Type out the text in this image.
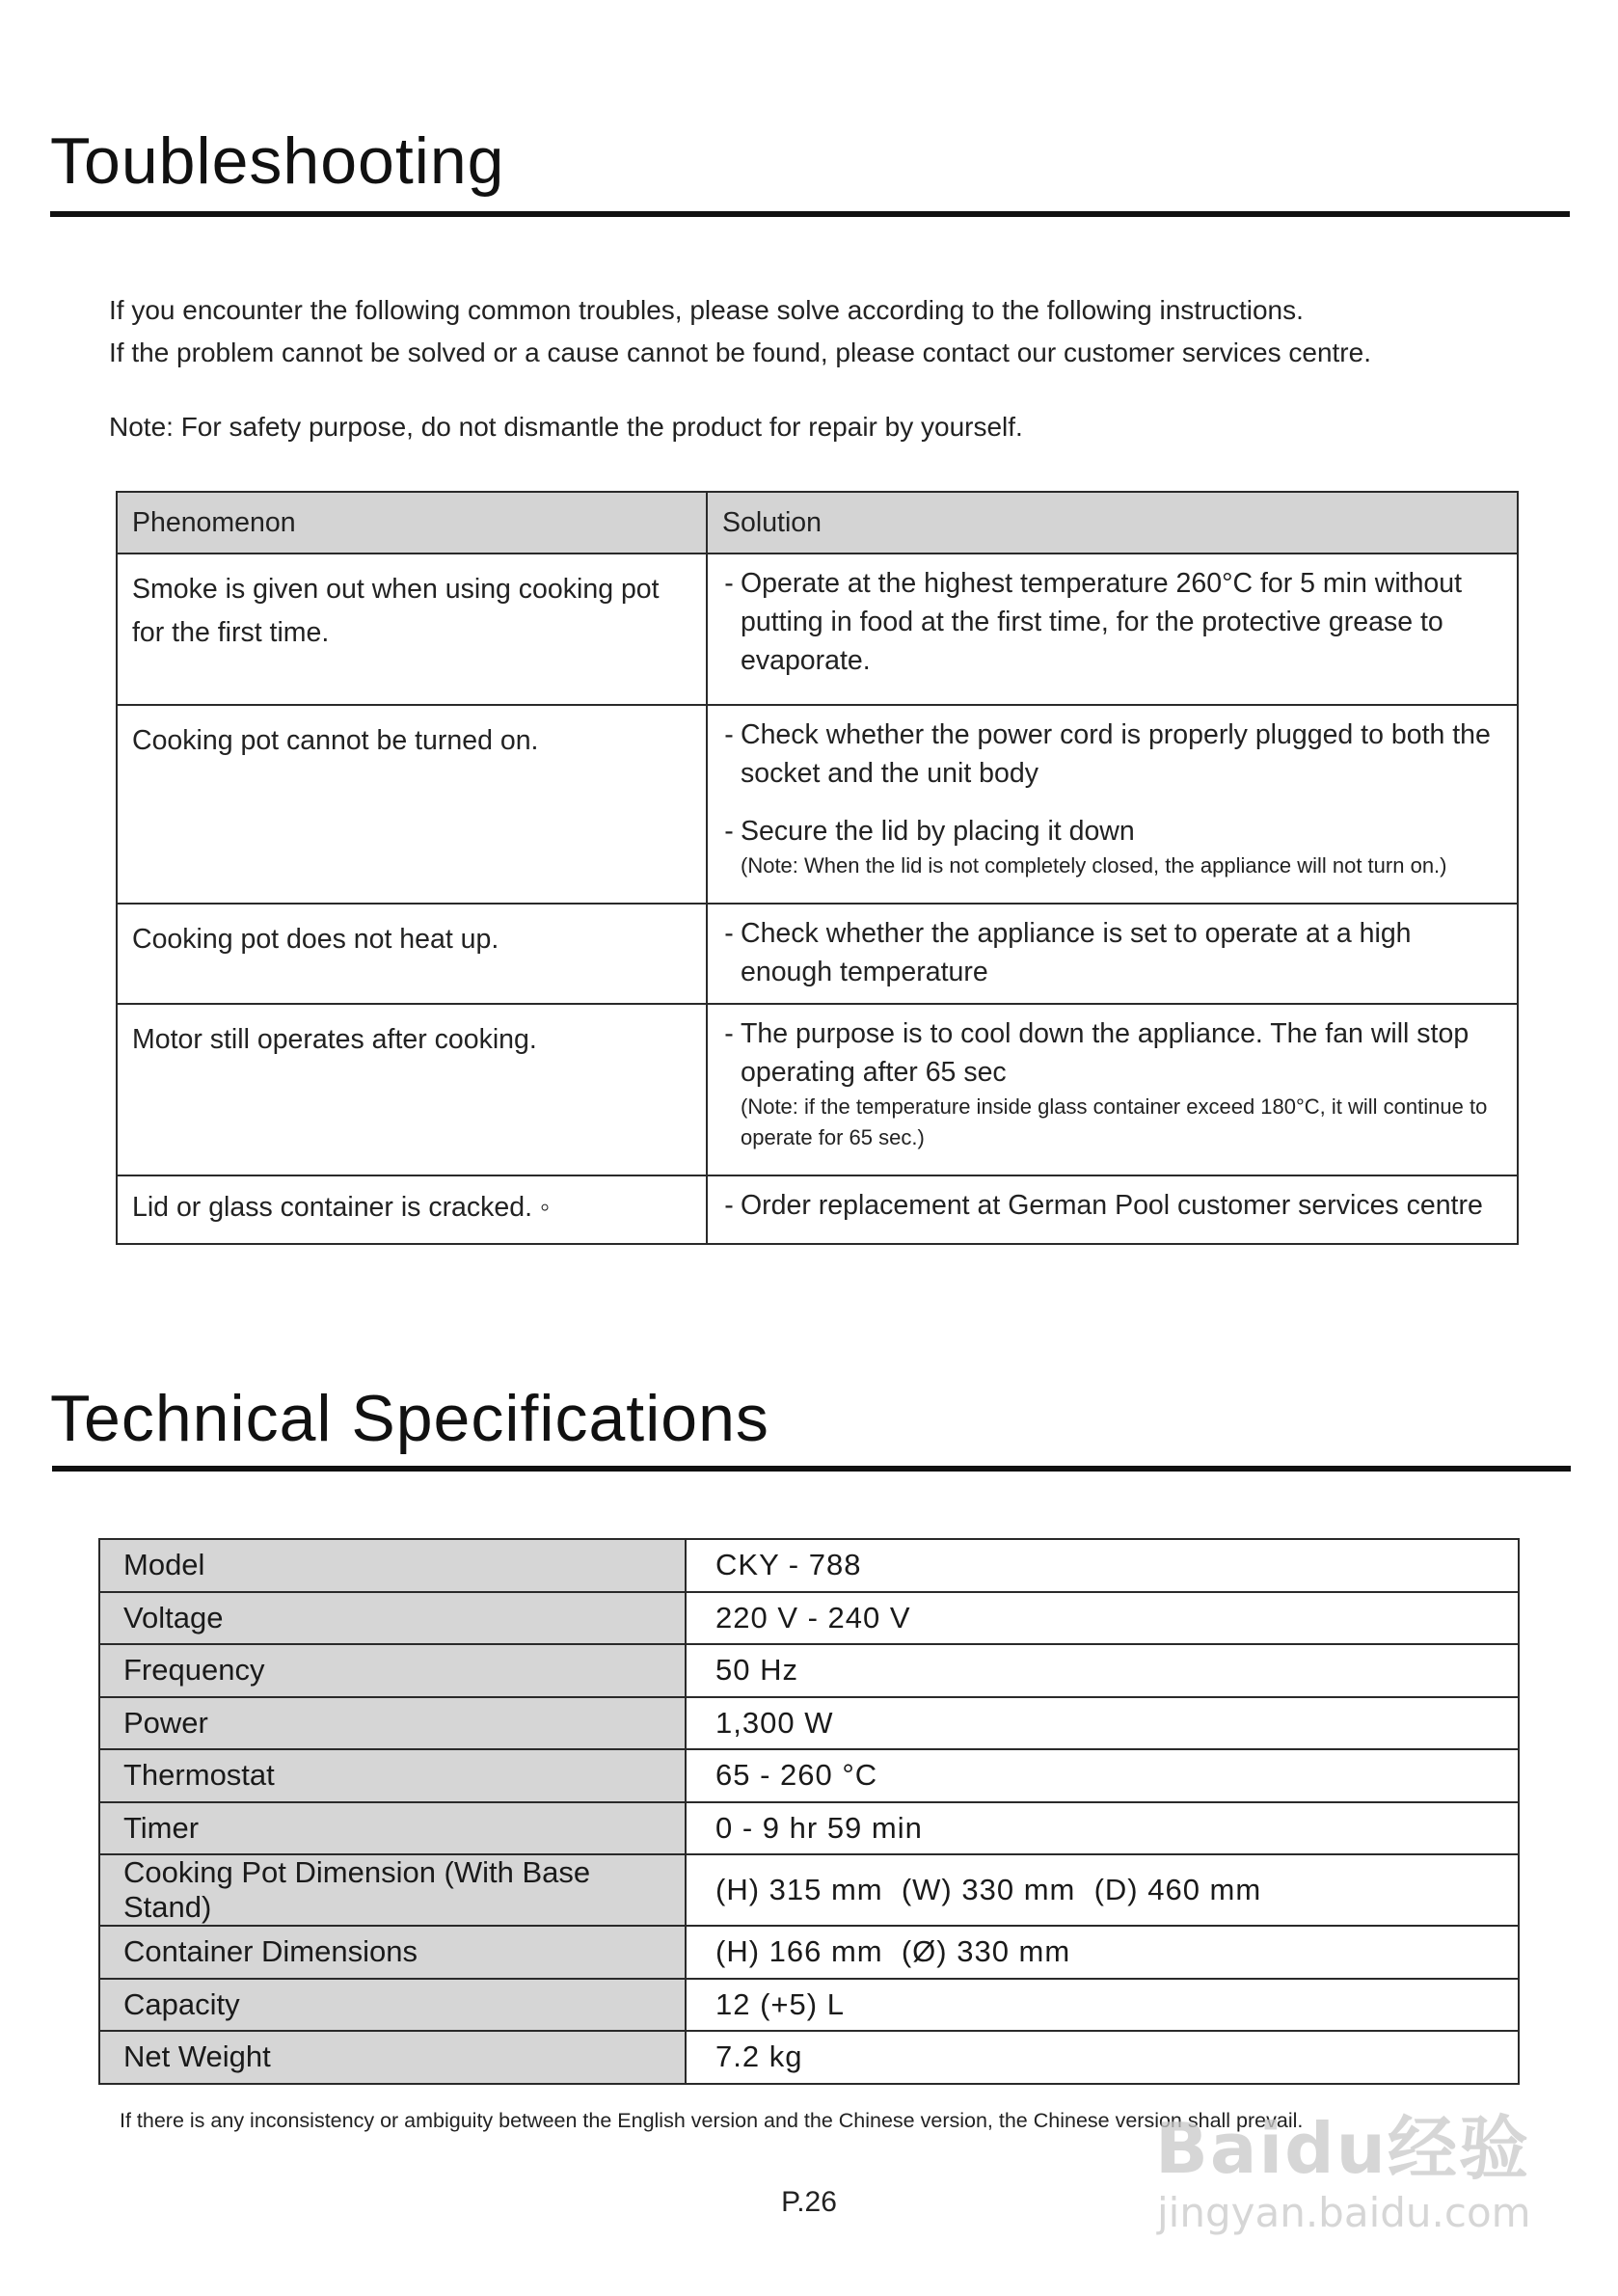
Toubleshooting
If you encounter the following common troubles, please solve according to the following instructions.
If the problem cannot be solved or a cause cannot be found, please contact our customer services centre.
Note: For safety purpose, do not dismantle the product for repair by yourself.
Phenomenon	Solution
Smoke is given out when using cooking pot for the first time.	- Operate at the highest temperature 260°C for 5 min without putting in food at the first time, for the protective grease to evaporate.

Cooking pot cannot be turned on.	- Check whether the power cord is properly plugged to both the socket and the unit body
- Secure the lid by placing it down
(Note: When the lid is not completely closed, the appliance will not turn on.)

Cooking pot does not heat up.	- Check whether the appliance is set to operate at a high enough temperature

Motor still operates after cooking.	- The purpose is to cool down the appliance. The fan will stop operating after 65 sec
(Note: if the temperature inside glass container exceed 180°C, it will continue to operate for 65 sec.)

Lid or glass container is cracked. ◦	- Order replacement at German Pool customer services centre
Technical Specifications
Model	CKY - 788
Voltage	220 V - 240 V
Frequency	50 Hz
Power	1,300 W
Thermostat	65 - 260 °C
Timer	0 - 9 hr 59 min
Cooking Pot Dimension (With Base Stand)	(H) 315 mm  (W) 330 mm  (D) 460 mm
Container Dimensions	(H) 166 mm  (Ø) 330 mm
Capacity	12 (+5) L
Net Weight	7.2 kg
If there is any inconsistency or ambiguity between the English version and the Chinese version, the Chinese version shall prevail.
P.26
Baidu经验
jingyan.baidu.com
